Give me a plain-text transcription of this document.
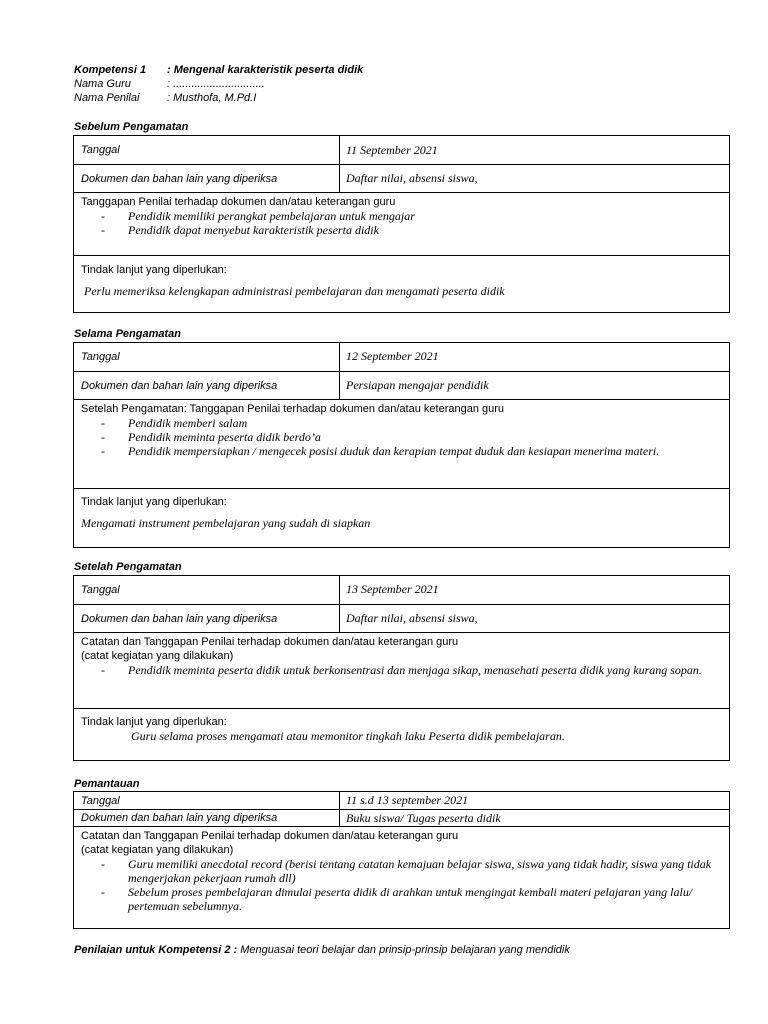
Kompetensi 1 : Mengenal karakteristik peserta didik
Nama Guru	: ..............................
Nama Penilai	: Musthofa, M.Pd.I
Sebelum Pengamatan
Tanggal	11 September 2021
Dokumen dan bahan lain yang diperiksa	Daftar nilai, absensi siswa,
Tanggapan Penilai terhadap dokumen dan/atau keterangan guru
- Pendidik memiliki perangkat pembelajaran untuk mengajar
- Pendidik dapat menyebut karakteristik peserta didik
Tindak lanjut yang diperlukan:
Perlu memeriksa kelengkapan administrasi pembelajaran dan mengamati peserta didik
Selama Pengamatan
Tanggal	12 September 2021
Dokumen dan bahan lain yang diperiksa	Persiapan mengajar pendidik
Setelah Pengamatan: Tanggapan Penilai terhadap dokumen dan/atau keterangan guru
- Pendidik memberi salam
- Pendidik meminta peserta didik berdo’a
- Pendidik mempersiapkan / mengecek posisi duduk dan kerapian tempat duduk dan kesiapan menerima materi.
Tindak lanjut yang diperlukan:
Mengamati instrument pembelajaran yang sudah di siapkan
Setelah Pengamatan
Tanggal	13 September 2021
Dokumen dan bahan lain yang diperiksa	Daftar nilai, absensi siswa,
Catatan dan Tanggapan Penilai terhadap dokumen dan/atau keterangan guru
(catat kegiatan yang dilakukan)
- Pendidik meminta peserta didik untuk berkonsentrasi dan menjaga sikap, menasehati peserta didik yang kurang sopan.
Tindak lanjut yang diperlukan:
Guru selama proses mengamati atau memonitor tingkah laku Peserta didik pembelajaran.
Pemantauan
Tanggal	11 s.d 13 september 2021
Dokumen dan bahan lain yang diperiksa	Buku siswa/ Tugas peserta didik
Catatan dan Tanggapan Penilai terhadap dokumen dan/atau keterangan guru
(catat kegiatan yang dilakukan)
- Guru memiliki anecdotal record (berisi tentang catatan kemajuan belajar siswa, siswa yang tidak hadir, siswa yang tidak mengerjakan pekerjaan rumah dll)
- Sebelum proses pembelajaran dimulai peserta didik di arahkan untuk mengingat kembali materi pelajaran yang lalu/ pertemuan sebelumnya.
Penilaian untuk Kompetensi 2 : Menguasai teori belajar dan prinsip-prinsip belajaran yang mendidik
